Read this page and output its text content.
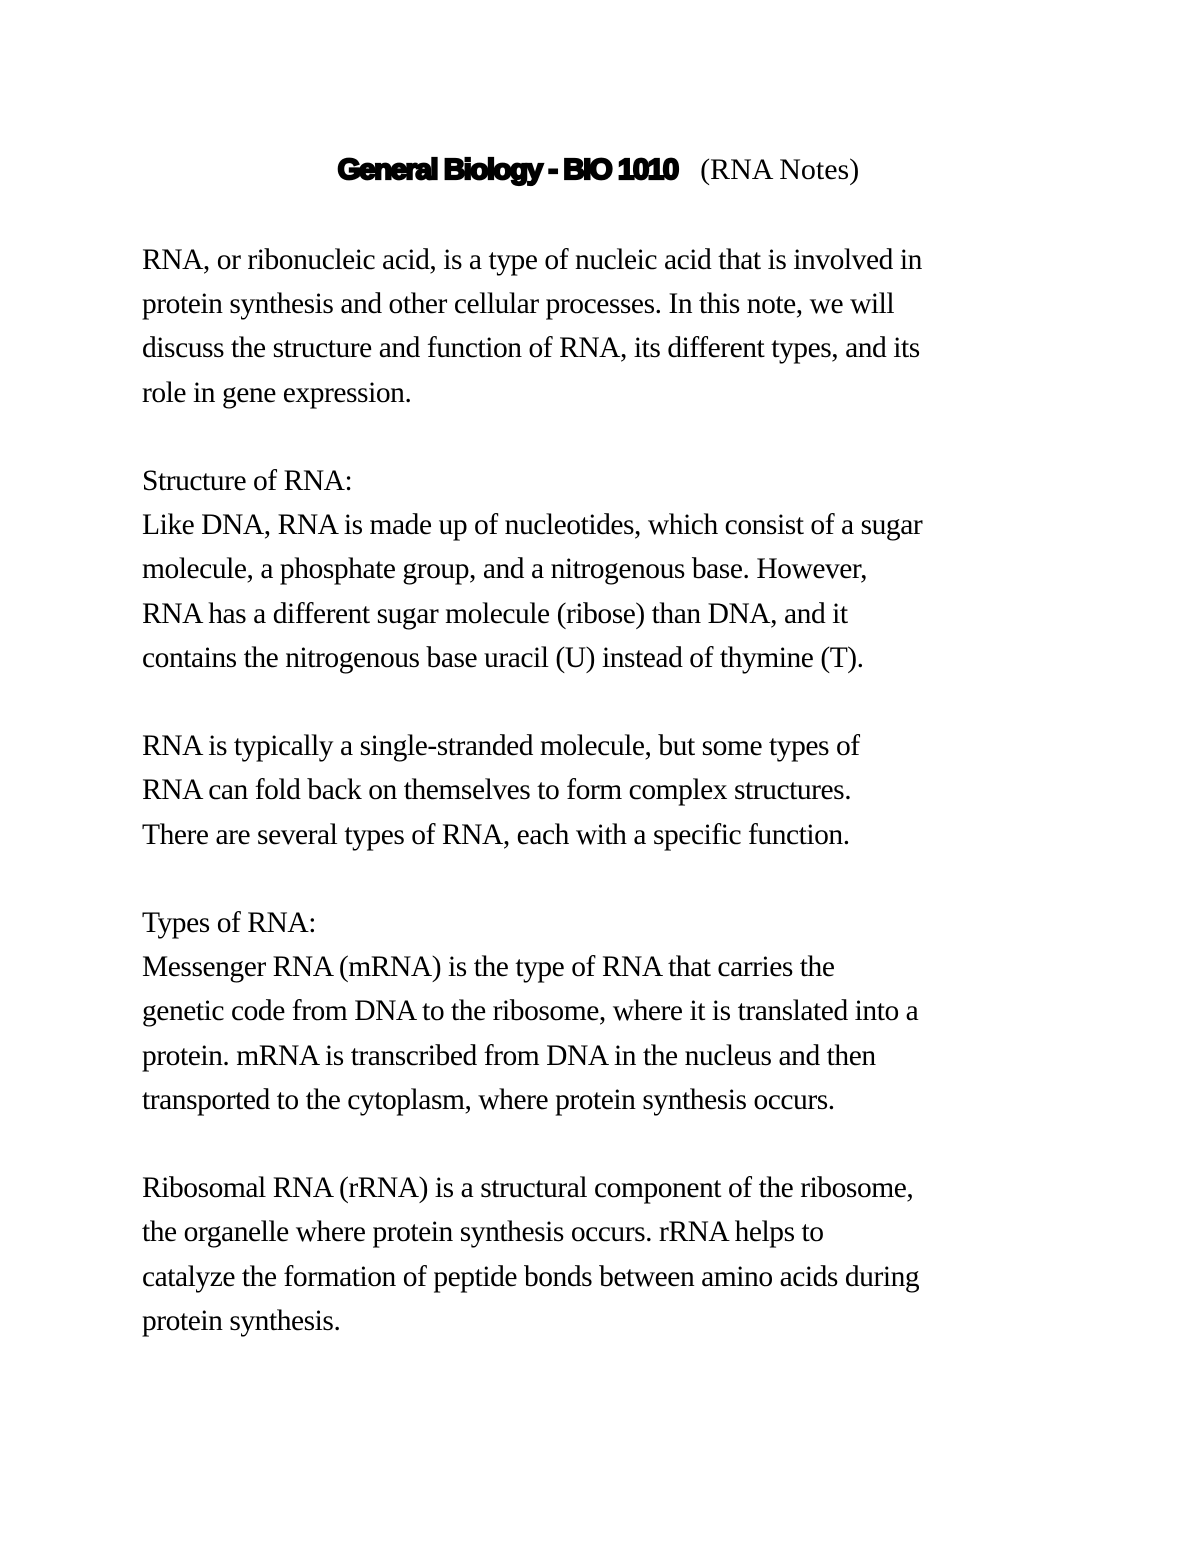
General Biology - BIO 1010 (RNA Notes)
RNA, or ribonucleic acid, is a type of nucleic acid that is involved in
protein synthesis and other cellular processes. In this note, we will
discuss the structure and function of RNA, its different types, and its
role in gene expression.
Structure of RNA:
Like DNA, RNA is made up of nucleotides, which consist of a sugar
molecule, a phosphate group, and a nitrogenous base. However,
RNA has a different sugar molecule (ribose) than DNA, and it
contains the nitrogenous base uracil (U) instead of thymine (T).
RNA is typically a single-stranded molecule, but some types of
RNA can fold back on themselves to form complex structures.
There are several types of RNA, each with a specific function.
Types of RNA:
Messenger RNA (mRNA) is the type of RNA that carries the
genetic code from DNA to the ribosome, where it is translated into a
protein. mRNA is transcribed from DNA in the nucleus and then
transported to the cytoplasm, where protein synthesis occurs.
Ribosomal RNA (rRNA) is a structural component of the ribosome,
the organelle where protein synthesis occurs. rRNA helps to
catalyze the formation of peptide bonds between amino acids during
protein synthesis.
